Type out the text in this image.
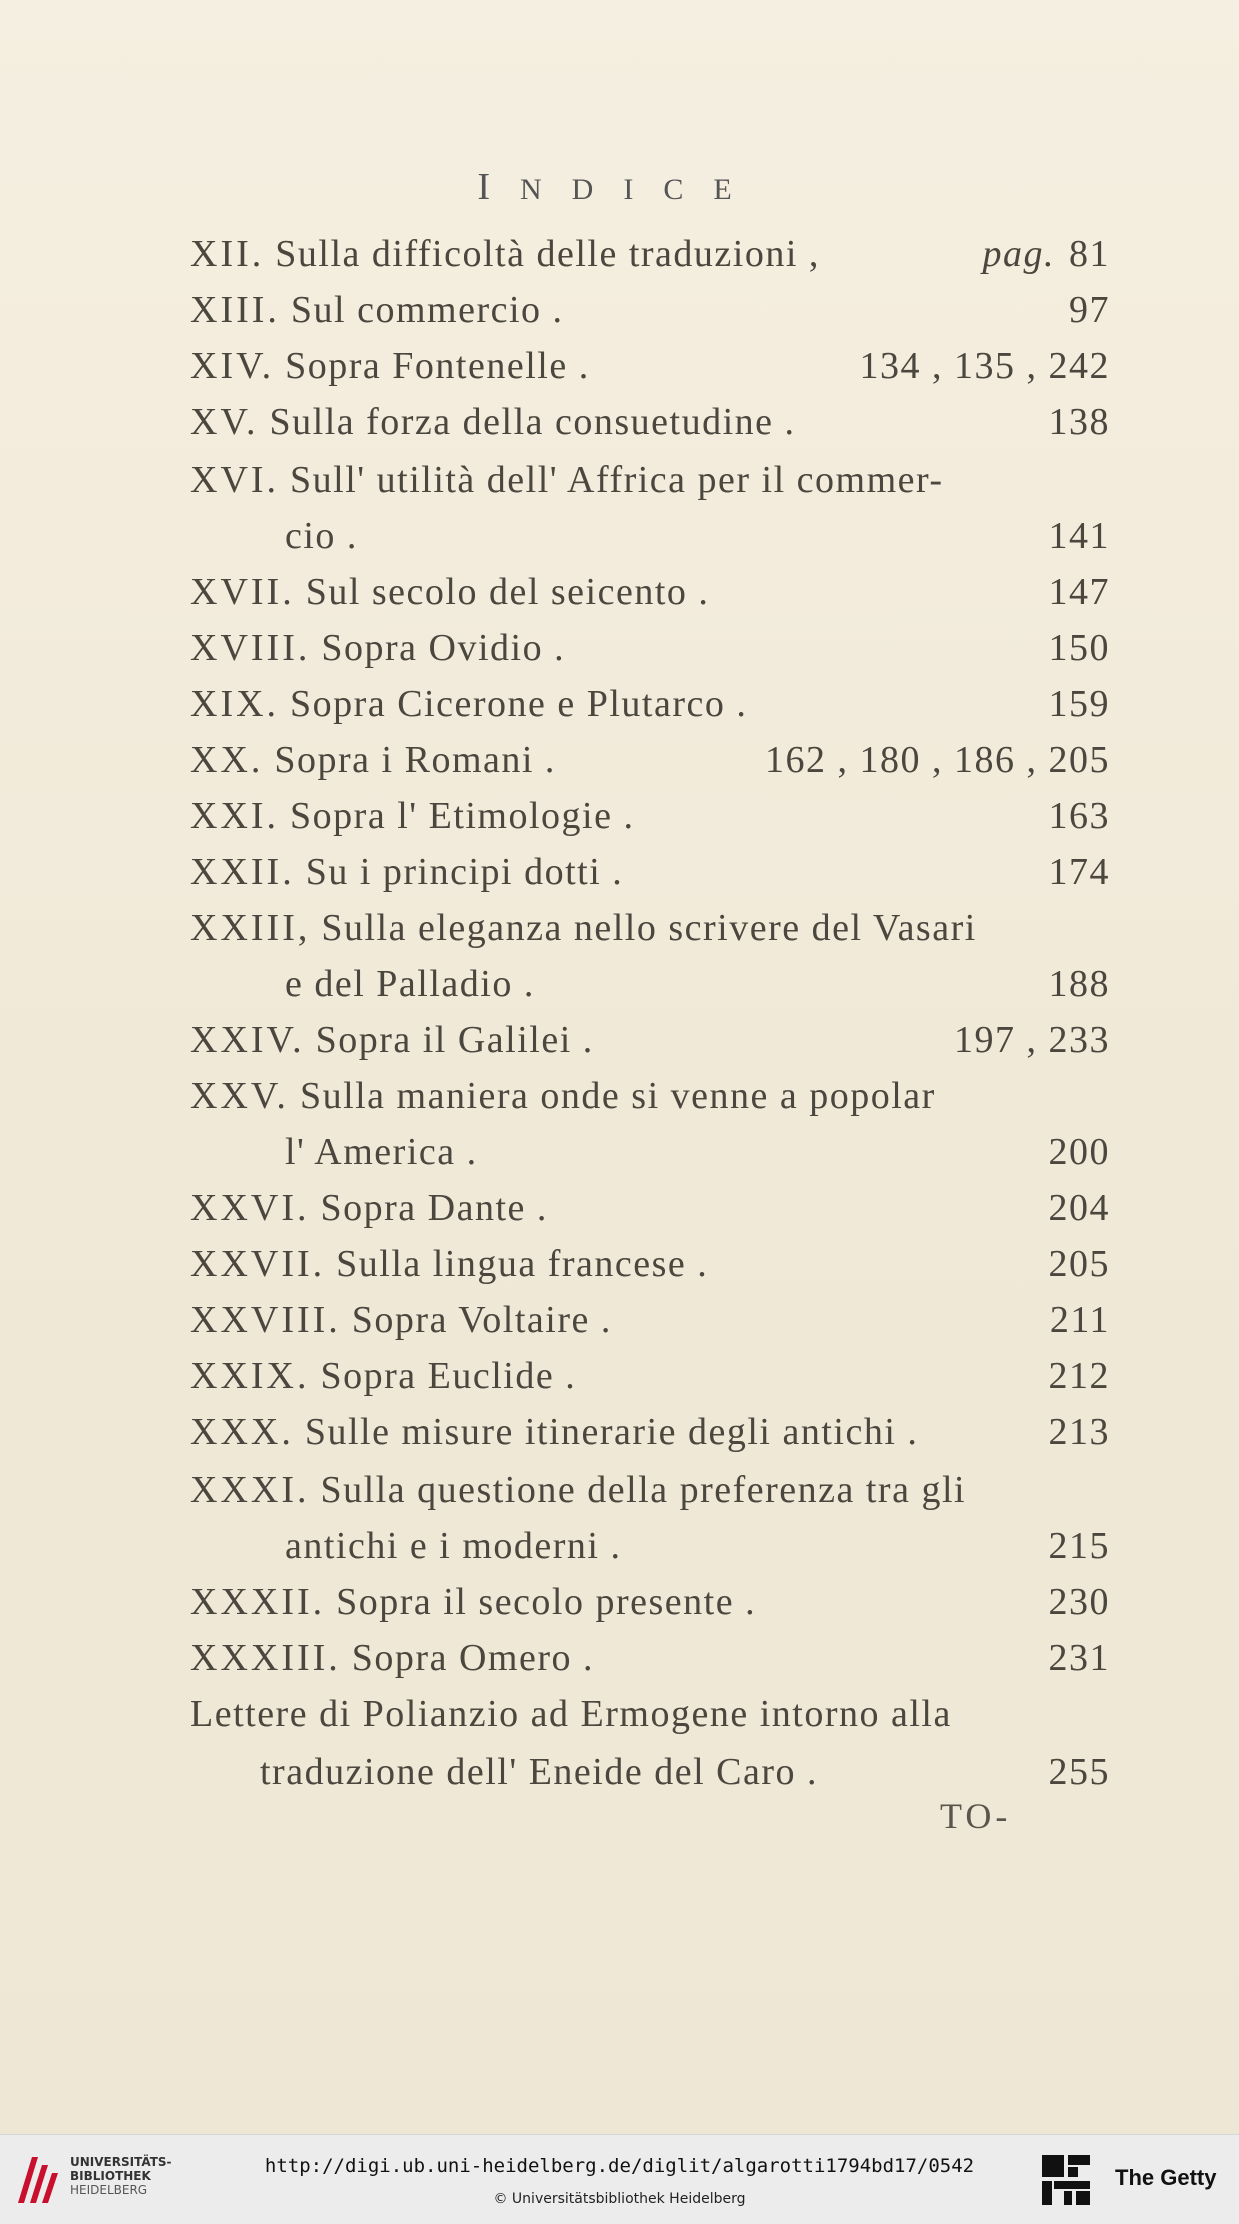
INDICE
XII. Sulla difficoltà delle traduzioni ,	pag. 81
XIII. Sul commercio .	97
XIV. Sopra Fontenelle .	134 , 135 , 242
XV. Sulla forza della consuetudine .	138
XVI. Sull' utilità dell' Affrica per il commer-
cio .	141
XVII. Sul secolo del seicento .	147
XVIII. Sopra Ovidio .	150
XIX. Sopra Cicerone e Plutarco .	159
XX. Sopra i Romani .	162 , 180 , 186 , 205
XXI. Sopra l' Etimologie .	163
XXII. Su i principi dotti .	174
XXIII, Sulla eleganza nello scrivere del Vasari
e del Palladio .	188
XXIV. Sopra il Galilei .	197 , 233
XXV. Sulla maniera onde si venne a popolar
l' America .	200
XXVI. Sopra Dante .	204
XXVII. Sulla lingua francese .	205
XXVIII. Sopra Voltaire .	211
XXIX. Sopra Euclide .	212
XXX. Sulle misure itinerarie degli antichi .	213
XXXI. Sulla questione della preferenza tra gli
antichi e i moderni .	215
XXXII. Sopra il secolo presente .	230
XXXIII. Sopra Omero .	231
Lettere di Polianzio ad Ermogene intorno alla
traduzione dell' Eneide del Caro .	255
TO-
UNIVERSITÄTS-
BIBLIOTHEK
HEIDELBERG
http://digi.ub.uni-heidelberg.de/diglit/algarotti1794bd17/0542
© Universitätsbibliothek Heidelberg
The Getty
